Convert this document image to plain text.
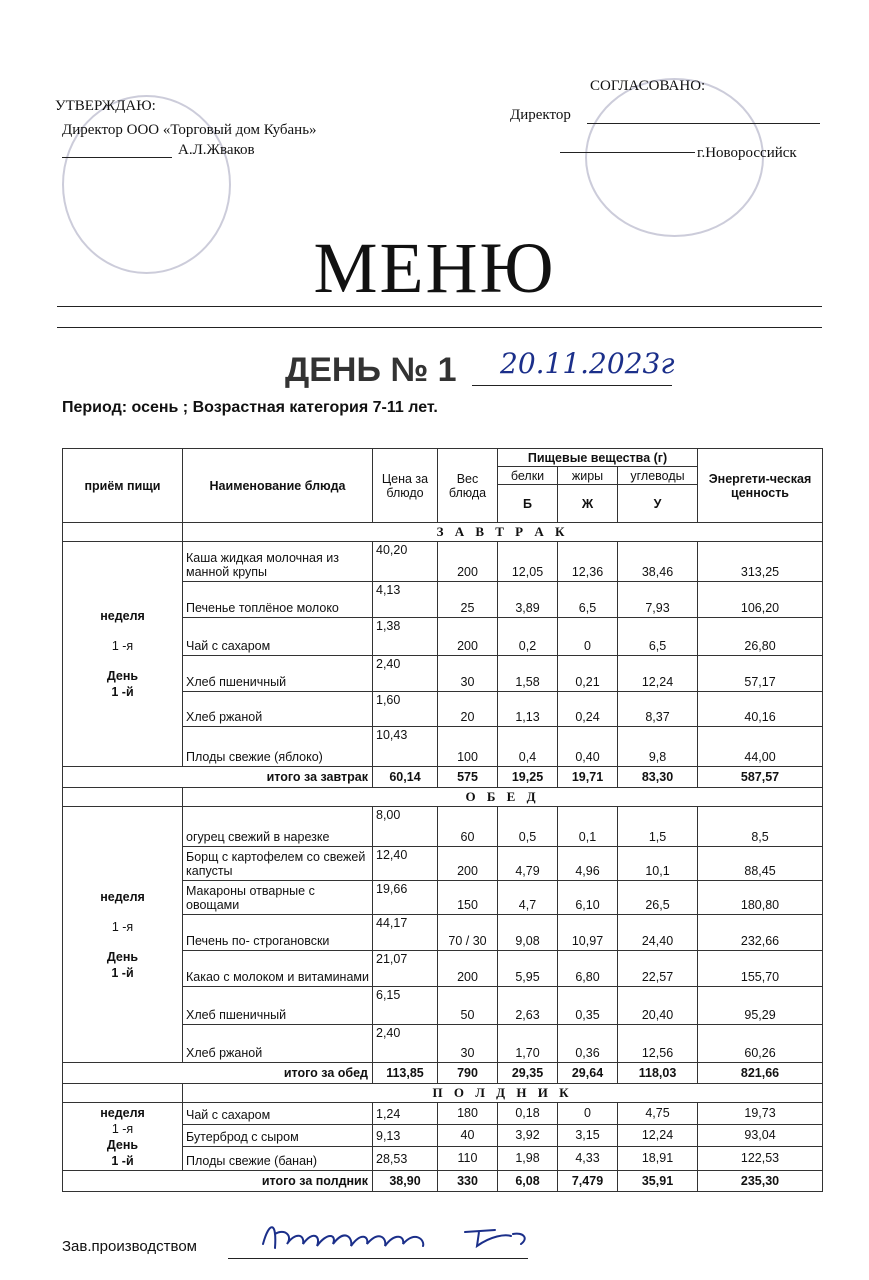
УТВЕРЖДАЮ:
Директор ООО «Торговый дом Кубань»
А.Л.Жваков
СОГЛАСОВАНО:
Директор
г.Новороссийск
МЕНЮ
ДЕНЬ № 1 20.11.2023г
Период: осень ; Возрастная категория 7-11 лет.
приём пищи	Наименование блюда	Цена за блюдо	Вес блюда	Пищевые вещества (г)			Энергети-ческая ценность
				белки	жиры	углеводы	
				Б	Ж	У	
	З А В Т Р А К						

неделя
1 -я
День
1 -й	Каша жидкая молочная из манной крупы	40,20	200	12,05	12,36	38,46	313,25
	Печенье топлёное молоко	4,13	25	3,89	6,5	7,93	106,20
	Чай с сахаром	1,38	200	0,2	0	6,5	26,80
	Хлеб пшеничный	2,40	30	1,58	0,21	12,24	57,17
	Хлеб ржаной	1,60	20	1,13	0,24	8,37	40,16
	Плоды свежие (яблоко)	10,43	100	0,4	0,40	9,8	44,00
итого за завтрак		60,14	575	19,25	19,71	83,30	587,57
	О Б Е Д						

неделя
1 -я
День
1 -й	огурец свежий в нарезке	8,00	60	0,5	0,1	1,5	8,5
	Борщ с картофелем со свежей капусты	12,40	200	4,79	4,96	10,1	88,45
	Макароны отварные с овощами	19,66	150	4,7	6,10	26,5	180,80
	Печень по- строгановски	44,17	70 / 30	9,08	10,97	24,40	232,66
	Какао с молоком и витаминами	21,07	200	5,95	6,80	22,57	155,70
	Хлеб пшеничный	6,15	50	2,63	0,35	20,40	95,29
	Хлеб ржаной	2,40	30	1,70	0,36	12,56	60,26
итого за обед		113,85	790	29,35	29,64	118,03	821,66
	П О Л Д Н И К						

неделя
1 -я
День
1 -й	Чай с сахаром	1,24	180	0,18	0	4,75	19,73
	Бутерброд с сыром	9,13	40	3,92	3,15	12,24	93,04
	Плоды свежие (банан)	28,53	110	1,98	4,33	18,91	122,53
итого за полдник		38,90	330	6,08	7,479	35,91	235,30
Зав.производством
